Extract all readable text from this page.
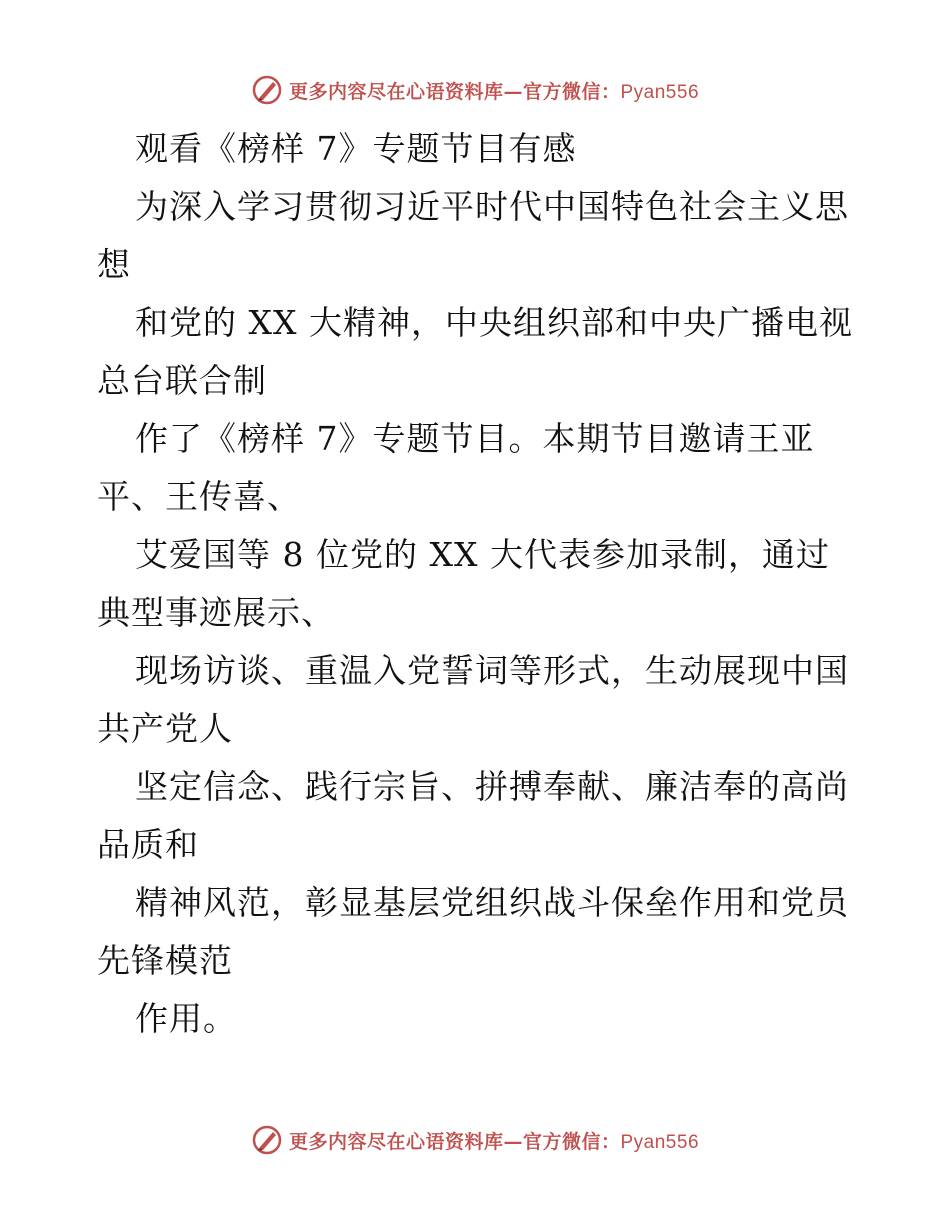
更多内容尽在心语资料库—官方微信：Pyan556
观看《榜样 7》专题节目有感
为深入学习贯彻习近平时代中国特色社会主义思
想
和党的 XX 大精神，中央组织部和中央广播电视
总台联合制
作了《榜样 7》专题节目。本期节目邀请王亚
平、王传喜、
艾爱国等 8 位党的 XX 大代表参加录制，通过
典型事迹展示、
现场访谈、重温入党誓词等形式，生动展现中国
共产党人
坚定信念、践行宗旨、拼搏奉献、廉洁奉的高尚
品质和
精神风范，彰显基层党组织战斗保垒作用和党员
先锋模范
作用。
更多内容尽在心语资料库—官方微信：Pyan556
